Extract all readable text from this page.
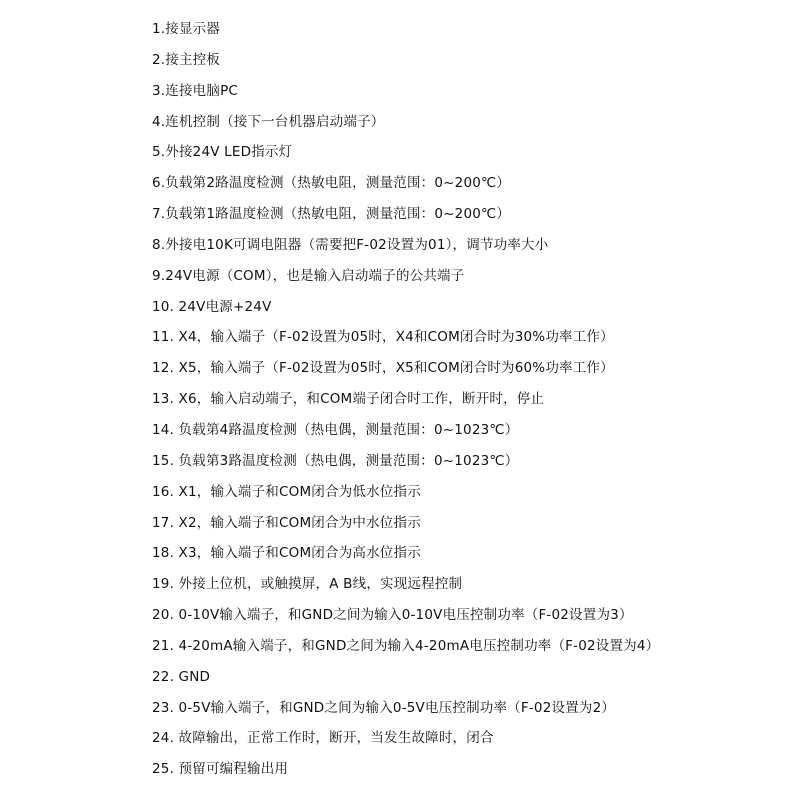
1.接显示器
2.接主控板
3.连接电脑PC
4.连机控制（接下一台机器启动端子）
5.外接24V LED指示灯
6.负载第2路温度检测（热敏电阻，测量范围：0~200℃）
7.负载第1路温度检测（热敏电阻，测量范围：0~200℃）
8.外接电10K可调电阻器（需要把F-02设置为01），调节功率大小
9.24V电源（COM），也是输入启动端子的公共端子
10. 24V电源+24V
11. X4，输入端子（F-02设置为05时，X4和COM闭合时为30%功率工作）
12. X5，输入端子（F-02设置为05时，X5和COM闭合时为60%功率工作）
13. X6，输入启动端子，和COM端子闭合时工作，断开时，停止
14. 负载第4路温度检测（热电偶，测量范围：0~1023℃）
15. 负载第3路温度检测（热电偶，测量范围：0~1023℃）
16. X1，输入端子和COM闭合为低水位指示
17. X2，输入端子和COM闭合为中水位指示
18. X3，输入端子和COM闭合为高水位指示
19. 外接上位机，或触摸屏，A B线，实现远程控制
20. 0-10V输入端子，和GND之间为输入0-10V电压控制功率（F-02设置为3）
21. 4-20mA输入端子，和GND之间为输入4-20mA电压控制功率（F-02设置为4）
22. GND
23. 0-5V输入端子，和GND之间为输入0-5V电压控制功率（F-02设置为2）
24. 故障输出，正常工作时，断开，当发生故障时，闭合
25. 预留可编程输出用
